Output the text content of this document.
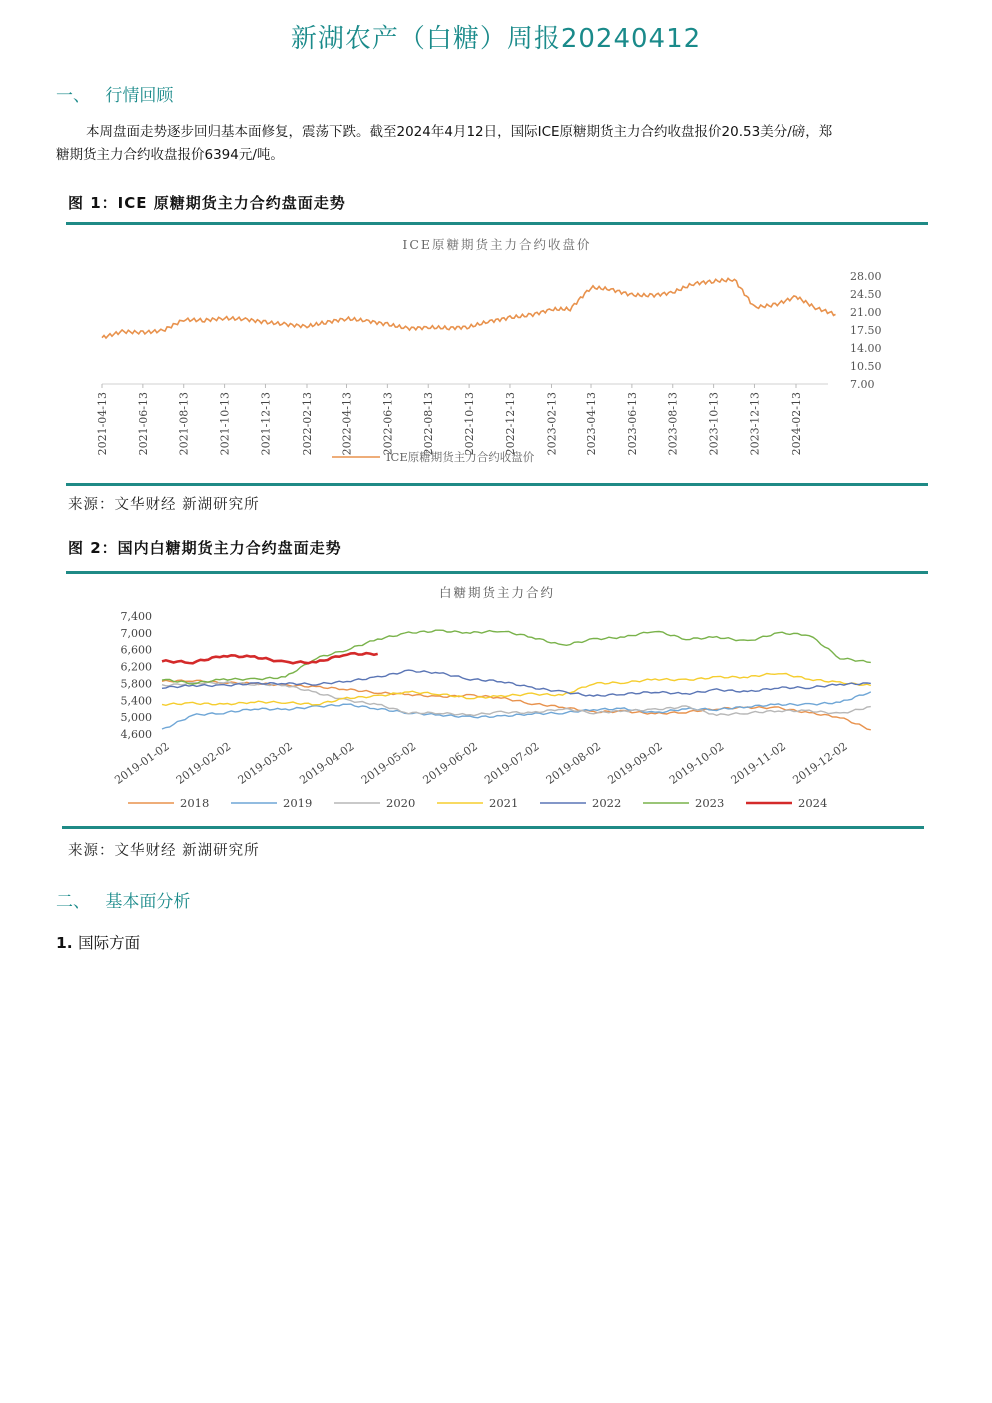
新湖农产（白糖）周报20240412
一、 行情回顾
本周盘面走势逐步回归基本面修复，震荡下跌。截至2024年4月12日，国际ICE原糖期货主力合约收盘报价20.53美分/磅，郑
糖期货主力合约收盘报价6394元/吨。
图 1：ICE 原糖期货主力合约盘面走势
ICE原糖期货主力合约收盘价
7.00
10.50
14.00
17.50
21.00
24.50
28.00
2021-04-13	2021-06-13	2021-08-13	2021-10-13	2021-12-13	2022-02-13 2022-04-13	2022-06-13	2022-08-13	2022-10-13	2022-12-13	2023-02-13 2023-04-13	2023-06-13	2023-08-13	2023-10-13	2023-12-13	2024-02-13
ICE原糖期货主力合约收盘价
来源：文华财经 新湖研究所
图 2：国内白糖期货主力合约盘面走势
白糖期货主力合约
4,600
5,000
5,400
5,800
6,200
6,600
7,000
7,400
2019-01-02 2019-02-02 2019-03-02 2019-04-02 2019-05-02 2019-06-02 2019-07-02 2019-08-02 2019-09-02 2019-10-02 2019-11-02 2019-12-02
2018	2019	2020	2021	2022	2023	2024
来源：文华财经 新湖研究所
二、 基本面分析
1. 国际方面
